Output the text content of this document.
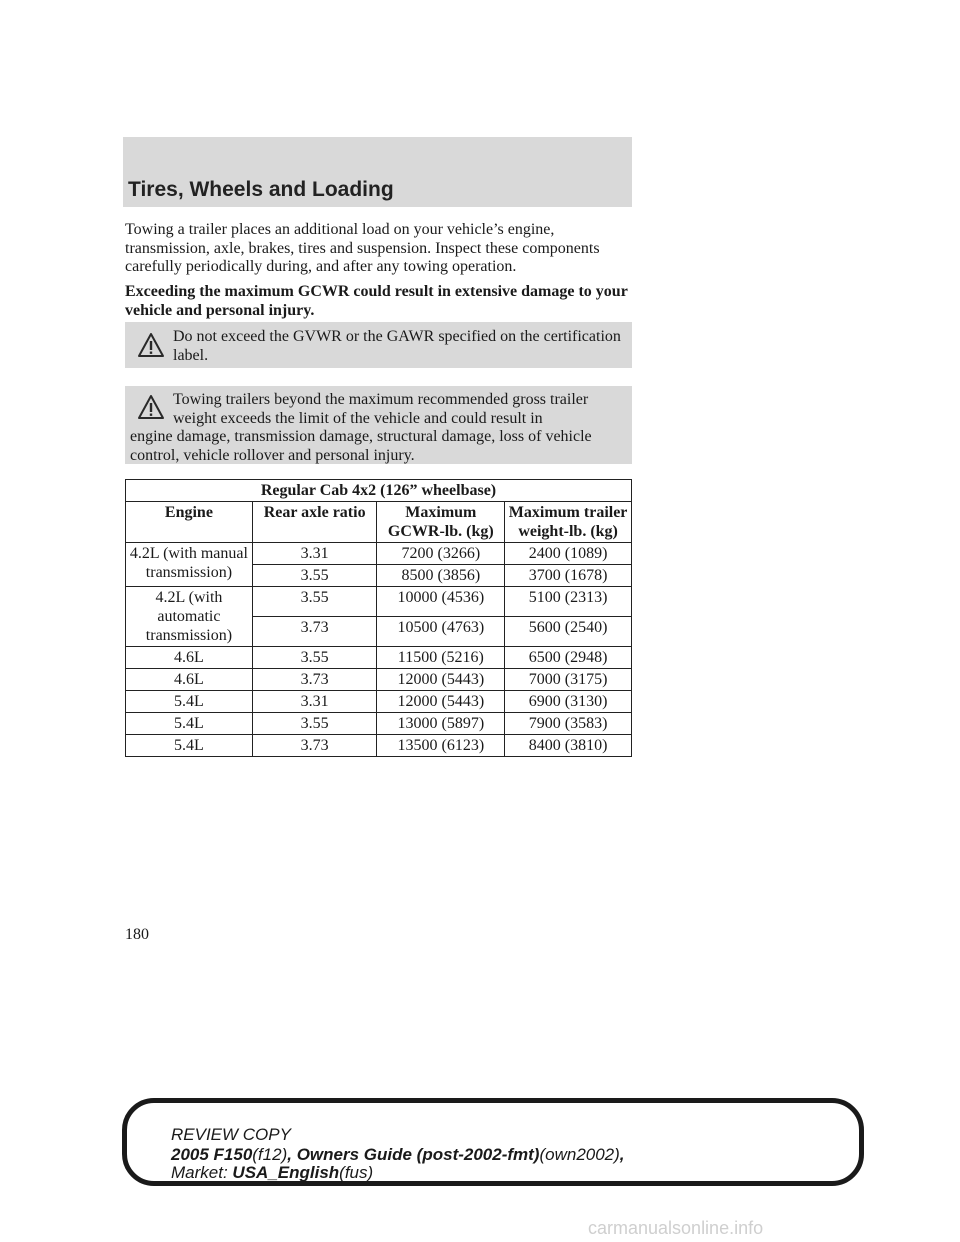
Tires, Wheels and Loading

Towing a trailer places an additional load on your vehicle’s engine, transmission, axle, brakes, tires and suspension. Inspect these components carefully periodically during, and after any towing operation.

Exceeding the maximum GCWR could result in extensive damage to your vehicle and personal injury.

Do not exceed the GVWR or the GAWR specified on the certification label.
Towing trailers beyond the maximum recommended gross trailer weight exceeds the limit of the vehicle and could result in
engine damage, transmission damage, structural damage, loss of vehicle control, vehicle rollover and personal injury.
Regular Cab 4x2 (126” wheelbase)			
Engine	Rear axle ratio	Maximum GCWR-lb. (kg)	Maximum trailer weight-lb. (kg)
4.2L (with manual transmission)	3.31	7200 (3266)	2400 (1089)
	3.55	8500 (3856)	3700 (1678)
4.2L (with automatic transmission)	3.55	10000 (4536)	5100 (2313)
	3.73	10500 (4763)	5600 (2540)
4.6L	3.55	11500 (5216)	6500 (2948)
4.6L	3.73	12000 (5443)	7000 (3175)
5.4L	3.31	12000 (5443)	6900 (3130)
5.4L	3.55	13000 (5897)	7900 (3583)
5.4L	3.73	13500 (6123)	8400 (3810)
180
REVIEW COPY
2005 F150(f12), Owners Guide (post-2002-fmt)(own2002),
Market: USA_English(fus)
carmanualsonline.info
